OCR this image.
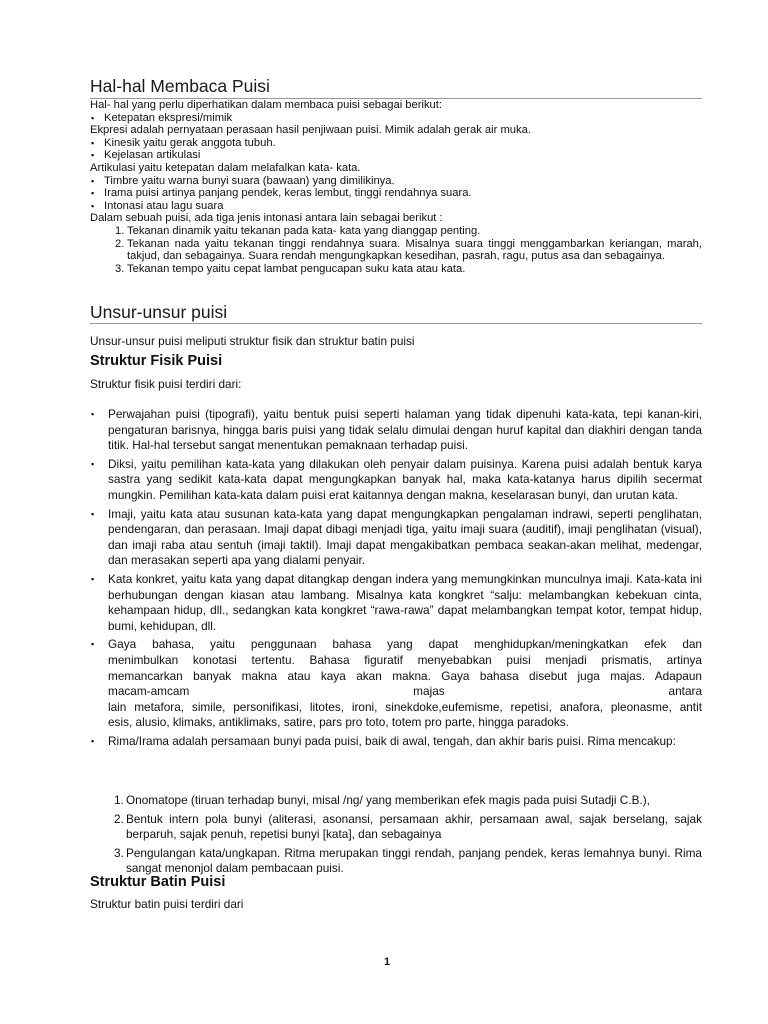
Hal-hal Membaca Puisi
Hal- hal yang perlu diperhatikan dalam membaca puisi sebagai berikut:
▪ Ketepatan ekspresi/mimik
Ekpresi adalah pernyataan perasaan hasil penjiwaan puisi. Mimik adalah gerak air muka.
▪ Kinesik yaitu gerak anggota tubuh.
▪ Kejelasan artikulasi
Artikulasi yaitu ketepatan dalam melafalkan kata- kata.
▪ Timbre yaitu warna bunyi suara (bawaan) yang dimilikinya.
▪ Irama puisi artinya panjang pendek, keras lembut, tinggi rendahnya suara.
▪ Intonasi atau lagu suara
Dalam sebuah puisi, ada tiga jenis intonasi antara lain sebagai berikut :
1. Tekanan dinamik yaitu tekanan pada kata- kata yang dianggap penting.
2. Tekanan nada yaitu tekanan tinggi rendahnya suara. Misalnya suara tinggi menggambarkan keriangan, marah, takjud, dan sebagainya. Suara rendah mengungkapkan kesedihan, pasrah, ragu, putus asa dan sebagainya.
3. Tekanan tempo yaitu cepat lambat pengucapan suku kata atau kata.
Unsur-unsur puisi
Unsur-unsur puisi meliputi struktur fisik dan struktur batin puisi
Struktur Fisik Puisi
Struktur fisik puisi terdiri dari:
▪ Perwajahan puisi (tipografi), yaitu bentuk puisi seperti halaman yang tidak dipenuhi kata-kata, tepi kanan-kiri, pengaturan barisnya, hingga baris puisi yang tidak selalu dimulai dengan huruf kapital dan diakhiri dengan tanda titik. Hal-hal tersebut sangat menentukan pemaknaan terhadap puisi.
▪ Diksi, yaitu pemilihan kata-kata yang dilakukan oleh penyair dalam puisinya. Karena puisi adalah bentuk karya sastra yang sedikit kata-kata dapat mengungkapkan banyak hal, maka kata-katanya harus dipilih secermat mungkin. Pemilihan kata-kata dalam puisi erat kaitannya dengan makna, keselarasan bunyi, dan urutan kata.
▪ Imaji, yaitu kata atau susunan kata-kata yang dapat mengungkapkan pengalaman indrawi, seperti penglihatan, pendengaran, dan perasaan. Imaji dapat dibagi menjadi tiga, yaitu imaji suara (auditif), imaji penglihatan (visual), dan imaji raba atau sentuh (imaji taktil). Imaji dapat mengakibatkan pembaca seakan-akan melihat, medengar, dan merasakan seperti apa yang dialami penyair.
▪ Kata konkret, yaitu kata yang dapat ditangkap dengan indera yang memungkinkan munculnya imaji. Kata-kata ini berhubungan dengan kiasan atau lambang. Misalnya kata kongkret “salju: melambangkan kebekuan cinta, kehampaan hidup, dll., sedangkan kata kongkret “rawa-rawa” dapat melambangkan tempat kotor, tempat hidup, bumi, kehidupan, dll.
▪ Gaya bahasa, yaitu penggunaan bahasa yang dapat menghidupkan/meningkatkan efek dan
menimbulkan konotasi tertentu. Bahasa figuratif menyebabkan puisi menjadi prismatis, artinya
memancarkan banyak makna atau kaya akan makna. Gaya bahasa disebut juga majas. Adapaun
macam-amcam majas antara
lain metafora, simile, personifikasi, litotes, ironi, sinekdoke,eufemisme, repetisi, anafora, pleonasme, antit
esis, alusio, klimaks, antiklimaks, satire, pars pro toto, totem pro parte, hingga paradoks.
▪ Rima/Irama adalah persamaan bunyi pada puisi, baik di awal, tengah, dan akhir baris puisi. Rima mencakup:
1. Onomatope (tiruan terhadap bunyi, misal /ng/ yang memberikan efek magis pada puisi Sutadji C.B.),
2. Bentuk intern pola bunyi (aliterasi, asonansi, persamaan akhir, persamaan awal, sajak berselang, sajak berparuh, sajak penuh, repetisi bunyi [kata], dan sebagainya
3. Pengulangan kata/ungkapan. Ritma merupakan tinggi rendah, panjang pendek, keras lemahnya bunyi. Rima sangat menonjol dalam pembacaan puisi.
Struktur Batin Puisi
Struktur batin puisi terdiri dari
1
